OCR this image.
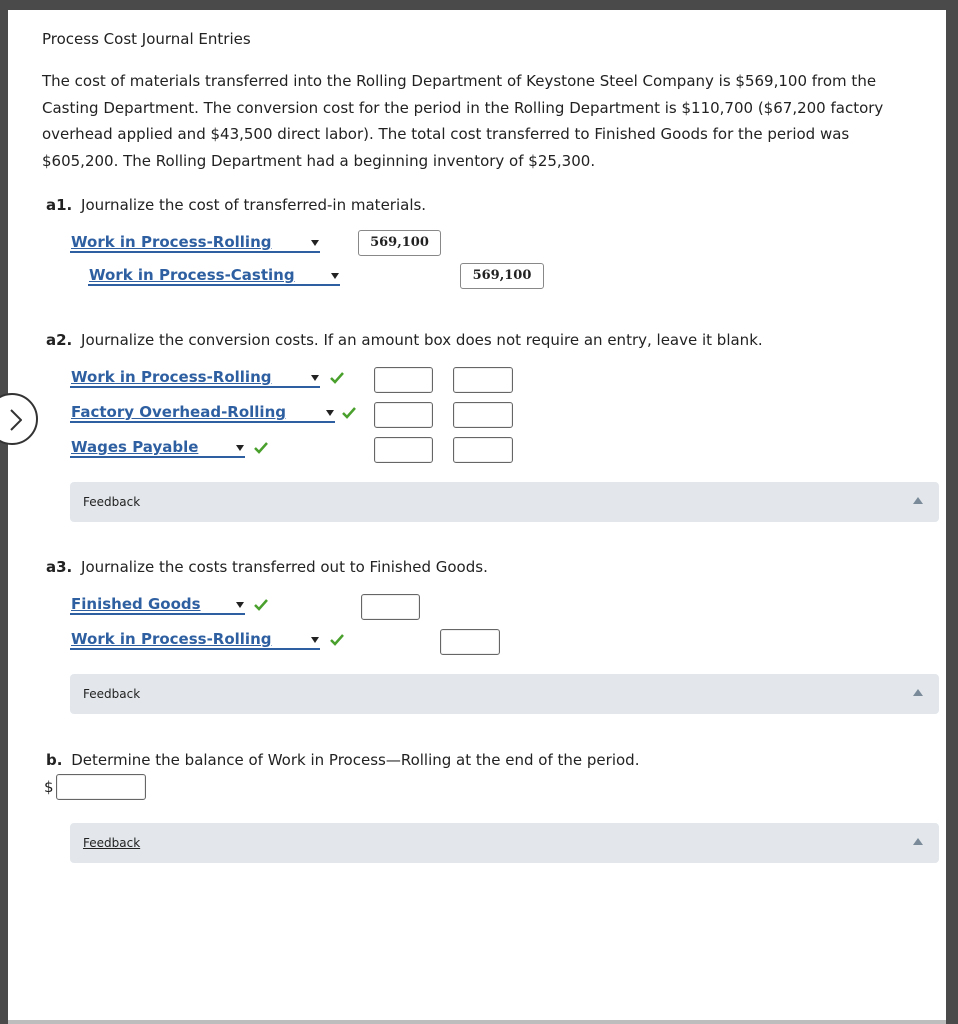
Process Cost Journal Entries
The cost of materials transferred into the Rolling Department of Keystone Steel Company is $569,100 from the Casting Department. The conversion cost for the period in the Rolling Department is $110,700 ($67,200 factory overhead applied and $43,500 direct labor). The total cost transferred to Finished Goods for the period was $605,200. The Rolling Department had a beginning inventory of $25,300.
a1. Journalize the cost of transferred-in materials.
Work in Process-Rolling	569,100
Work in Process-Casting	569,100
a2. Journalize the conversion costs. If an amount box does not require an entry, leave it blank.
Work in Process-Rolling
Factory Overhead-Rolling
Wages Payable
Feedback
a3. Journalize the costs transferred out to Finished Goods.
Finished Goods
Work in Process-Rolling
Feedback
b. Determine the balance of Work in Process—Rolling at the end of the period.
$
Feedback
